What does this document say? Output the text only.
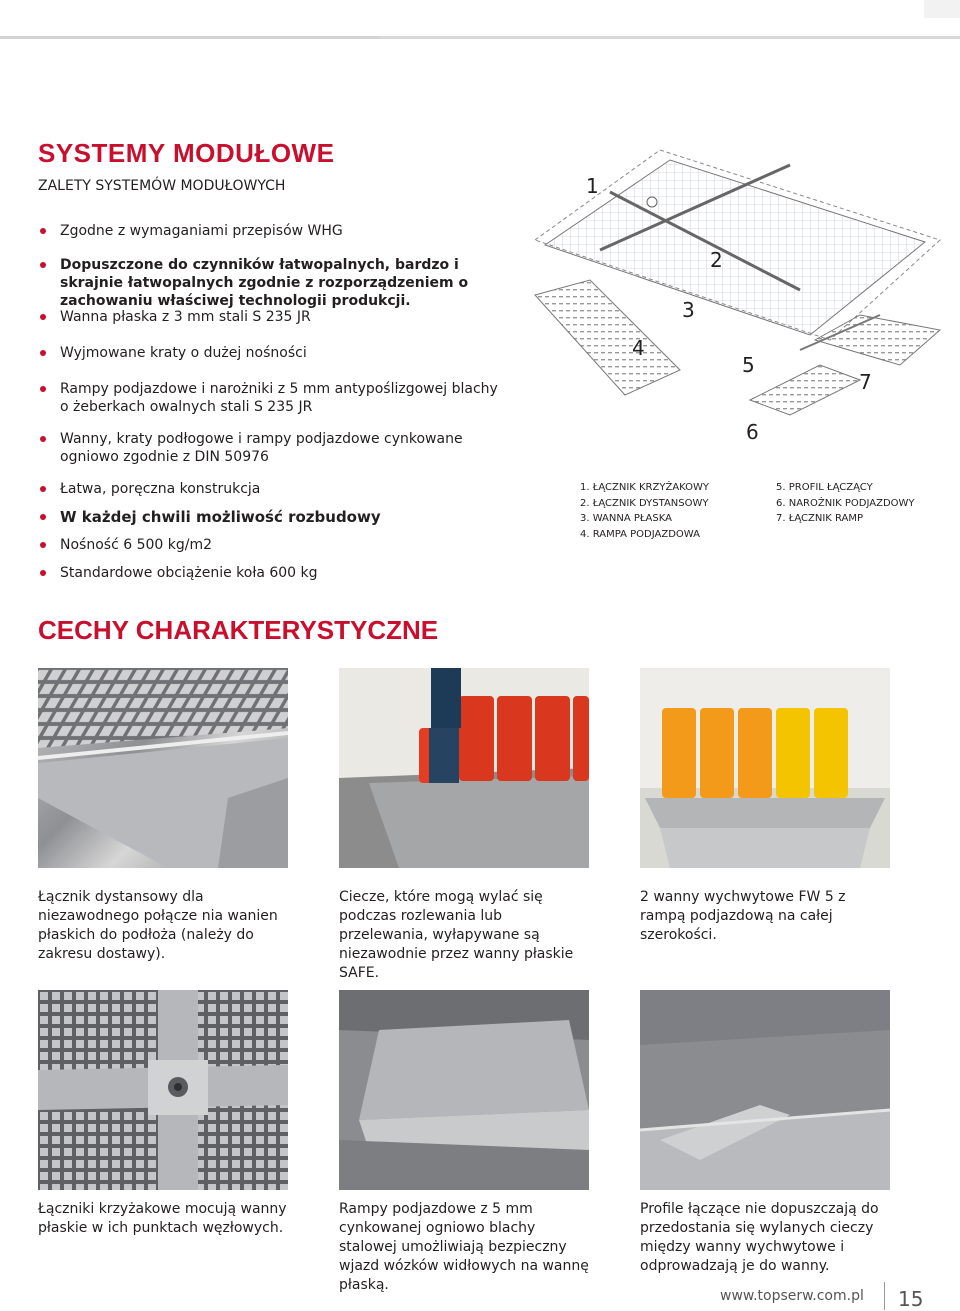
SYSTEMY MODUŁOWE
ZALETY SYSTEMÓW MODUŁOWYCH
Zgodne z wymaganiami przepisów WHG
Dopuszczone do czynników łatwopalnych, bardzo i skrajnie łatwopalnych zgodnie z rozporządzeniem o zachowaniu właściwej technologii produkcji.
Wanna płaska z 3 mm stali S 235 JR
Wyjmowane kraty o dużej nośności
Rampy podjazdowe i narożniki z 5 mm antypoślizgowej blachy o żeberkach owalnych stali S 235 JR
Wanny, kraty podłogowe i rampy podjazdowe cynkowane ogniowo zgodnie z DIN 50976
Łatwa, poręczna konstrukcja
W każdej chwili możliwość rozbudowy
Nośność 6 500 kg/m2
Standardowe obciążenie koła 600 kg
1
2
3
4
5
6
7
1. ŁĄCZNIK KRZYŻAKOWY
2. ŁĄCZNIK DYSTANSOWY
3. WANNA PŁASKA
4. RAMPA PODJAZDOWA
5. PROFIL ŁĄCZĄCY
6. NAROŻNIK PODJAZDOWY
7. ŁĄCZNIK RAMP
CECHY CHARAKTERYSTYCZNE
Łącznik dystansowy dla niezawodnego połącze nia wanien płaskich do podłoża (należy do zakresu dostawy).
Ciecze, które mogą wylać się podczas rozlewania lub przelewania, wyłapywane są niezawodnie przez wanny płaskie SAFE.
2 wanny wychwytowe FW 5 z rampą podjazdową na całej szerokości.
Łączniki krzyżakowe mocują wanny płaskie w ich punktach węzłowych.
Rampy podjazdowe z 5 mm cynkowanej ogniowo blachy stalowej umożliwiają bezpieczny wjazd wózków widłowych na wannę płaską.
Profile łączące nie dopuszczają do przedostania się wylanych cieczy między wanny wychwytowe i odprowadzają je do wanny.
www.topserw.com.pl 15
